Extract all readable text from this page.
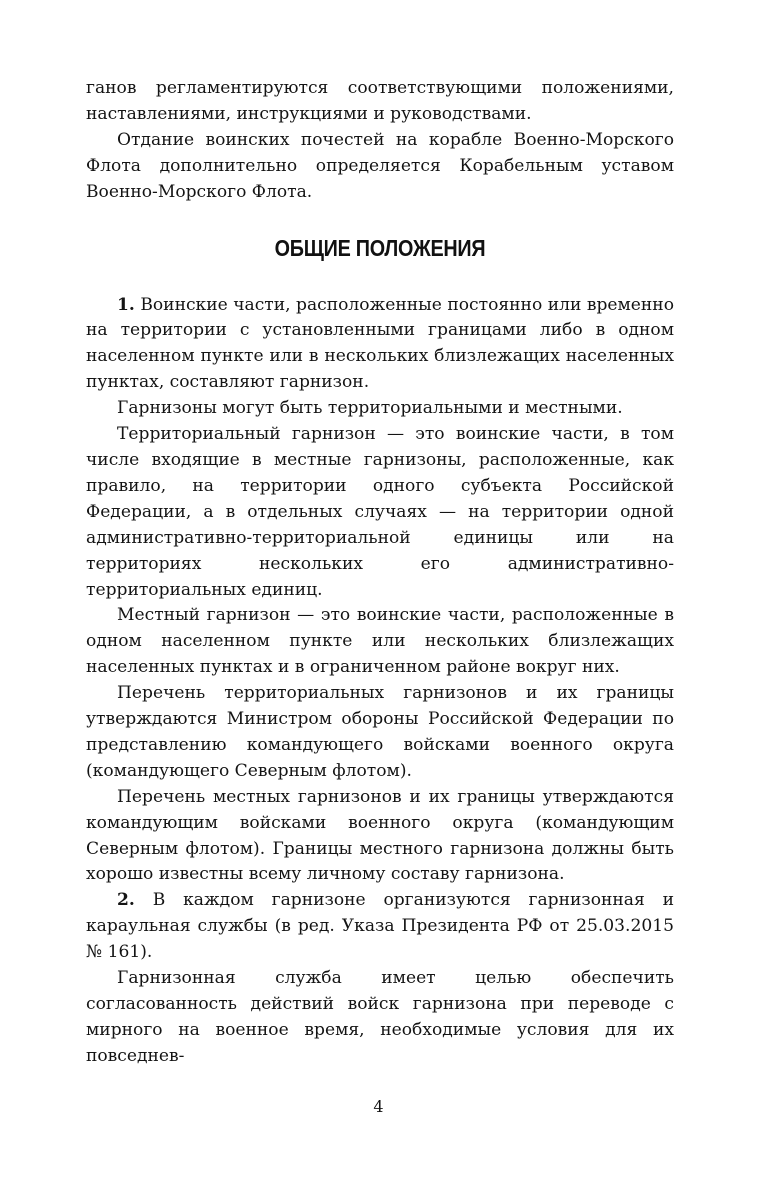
ганов регламентируются соответствующими положениями, наставлениями, инструкциями и руководствами.

Отдание воинских почестей на корабле Военно-Морского Флота дополнительно определяется Корабельным уставом Военно-Морского Флота.

ОБЩИЕ ПОЛОЖЕНИЯ

1. Воинские части, расположенные постоянно или временно на территории с установленными границами либо в одном населенном пункте или в нескольких близлежащих населенных пунктах, составляют гарнизон.

Гарнизоны могут быть территориальными и местными.

Территориальный гарнизон — это воинские части, в том числе входящие в местные гарнизоны, расположенные, как правило, на территории одного субъекта Российской Федерации, а в отдельных случаях — на территории одной административно-территориальной единицы или на территориях нескольких его административно-территориальных единиц.

Местный гарнизон — это воинские части, расположенные в одном населенном пункте или нескольких близлежащих населенных пунктах и в ограниченном районе вокруг них.

Перечень территориальных гарнизонов и их границы утверждаются Министром обороны Российской Федерации по представлению командующего войсками военного округа (командующего Северным флотом).

Перечень местных гарнизонов и их границы утверждаются командующим войсками военного округа (командующим Северным флотом). Границы местного гарнизона должны быть хорошо известны всему личному составу гарнизона.

2. В каждом гарнизоне организуются гарнизонная и караульная службы (в ред. Указа Президента РФ от 25.03.2015 № 161).

Гарнизонная служба имеет целью обеспечить согласованность действий войск гарнизона при переводе с мирного на военное время, необходимые условия для их повседнев-

4
